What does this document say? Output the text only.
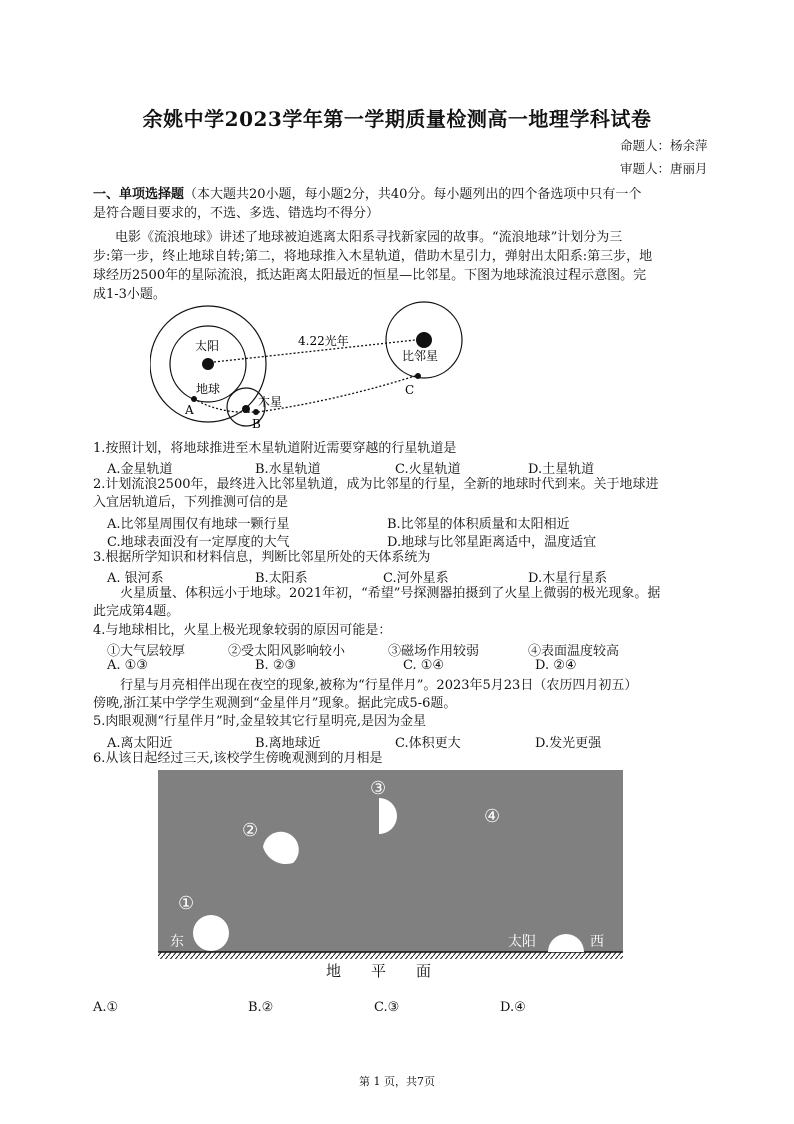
余姚中学2023学年第一学期质量检测高一地理学科试卷
命题人：杨余萍
审题人：唐丽月
一、单项选择题（本大题共20小题，每小题2分，共40分。每小题列出的四个备选项中只有一个
是符合题目要求的，不选、多选、错选均不得分）
电影《流浪地球》讲述了地球被迫逃离太阳系寻找新家园的故事。“流浪地球”计划分为三
步:第一步，终止地球自转;第二，将地球推入木星轨道，借助木星引力，弹射出太阳系:第三步，地
球经历2500年的星际流浪，抵达距离太阳最近的恒星—比邻星。下图为地球流浪过程示意图。完
成1-3小题。
太阳
地球
木星
比邻星
4.22光年
A
B
C
1.按照计划，将地球推进至木星轨道附近需要穿越的行星轨道是
A.金星轨道	B.水星轨道	C.火星轨道	D.土星轨道
2.计划流浪2500年，最终进入比邻星轨道，成为比邻星的行星，全新的地球时代到来。关于地球进
入宜居轨道后，下列推测可信的是
A.比邻星周围仅有地球一颗行星	B.比邻星的体积质量和太阳相近
C.地球表面没有一定厚度的大气	D.地球与比邻星距离适中，温度适宜
3.根据所学知识和材料信息，判断比邻星所处的天体系统为
A. 银河系	B.太阳系	C.河外星系	D.木星行星系
火星质量、体积远小于地球。2021年初，“希望”号探测器拍摄到了火星上微弱的极光现象。据
此完成第4题。
4.与地球相比，火星上极光现象较弱的原因可能是：
①大气层较厚	②受太阳风影响较小	③磁场作用较弱	④表面温度较高
A. ①③	B. ②③	C. ①④	D. ②④
行星与月亮相伴出现在夜空的现象,被称为“行星伴月”。2023年5月23日（农历四月初五）
傍晚,浙江某中学学生观测到“金星伴月”现象。据此完成5-6题。
5.肉眼观测“行星伴月”时,金星较其它行星明亮,是因为金星
A.离太阳近	B.离地球近	C.体积更大	D.发光更强
6.从该日起经过三天,该校学生傍晚观测到的月相是
①
②
③
④
东	太阳	西
地　　平　　面
A.①	B.②	C.③	D.④
第 1 页，共7页
